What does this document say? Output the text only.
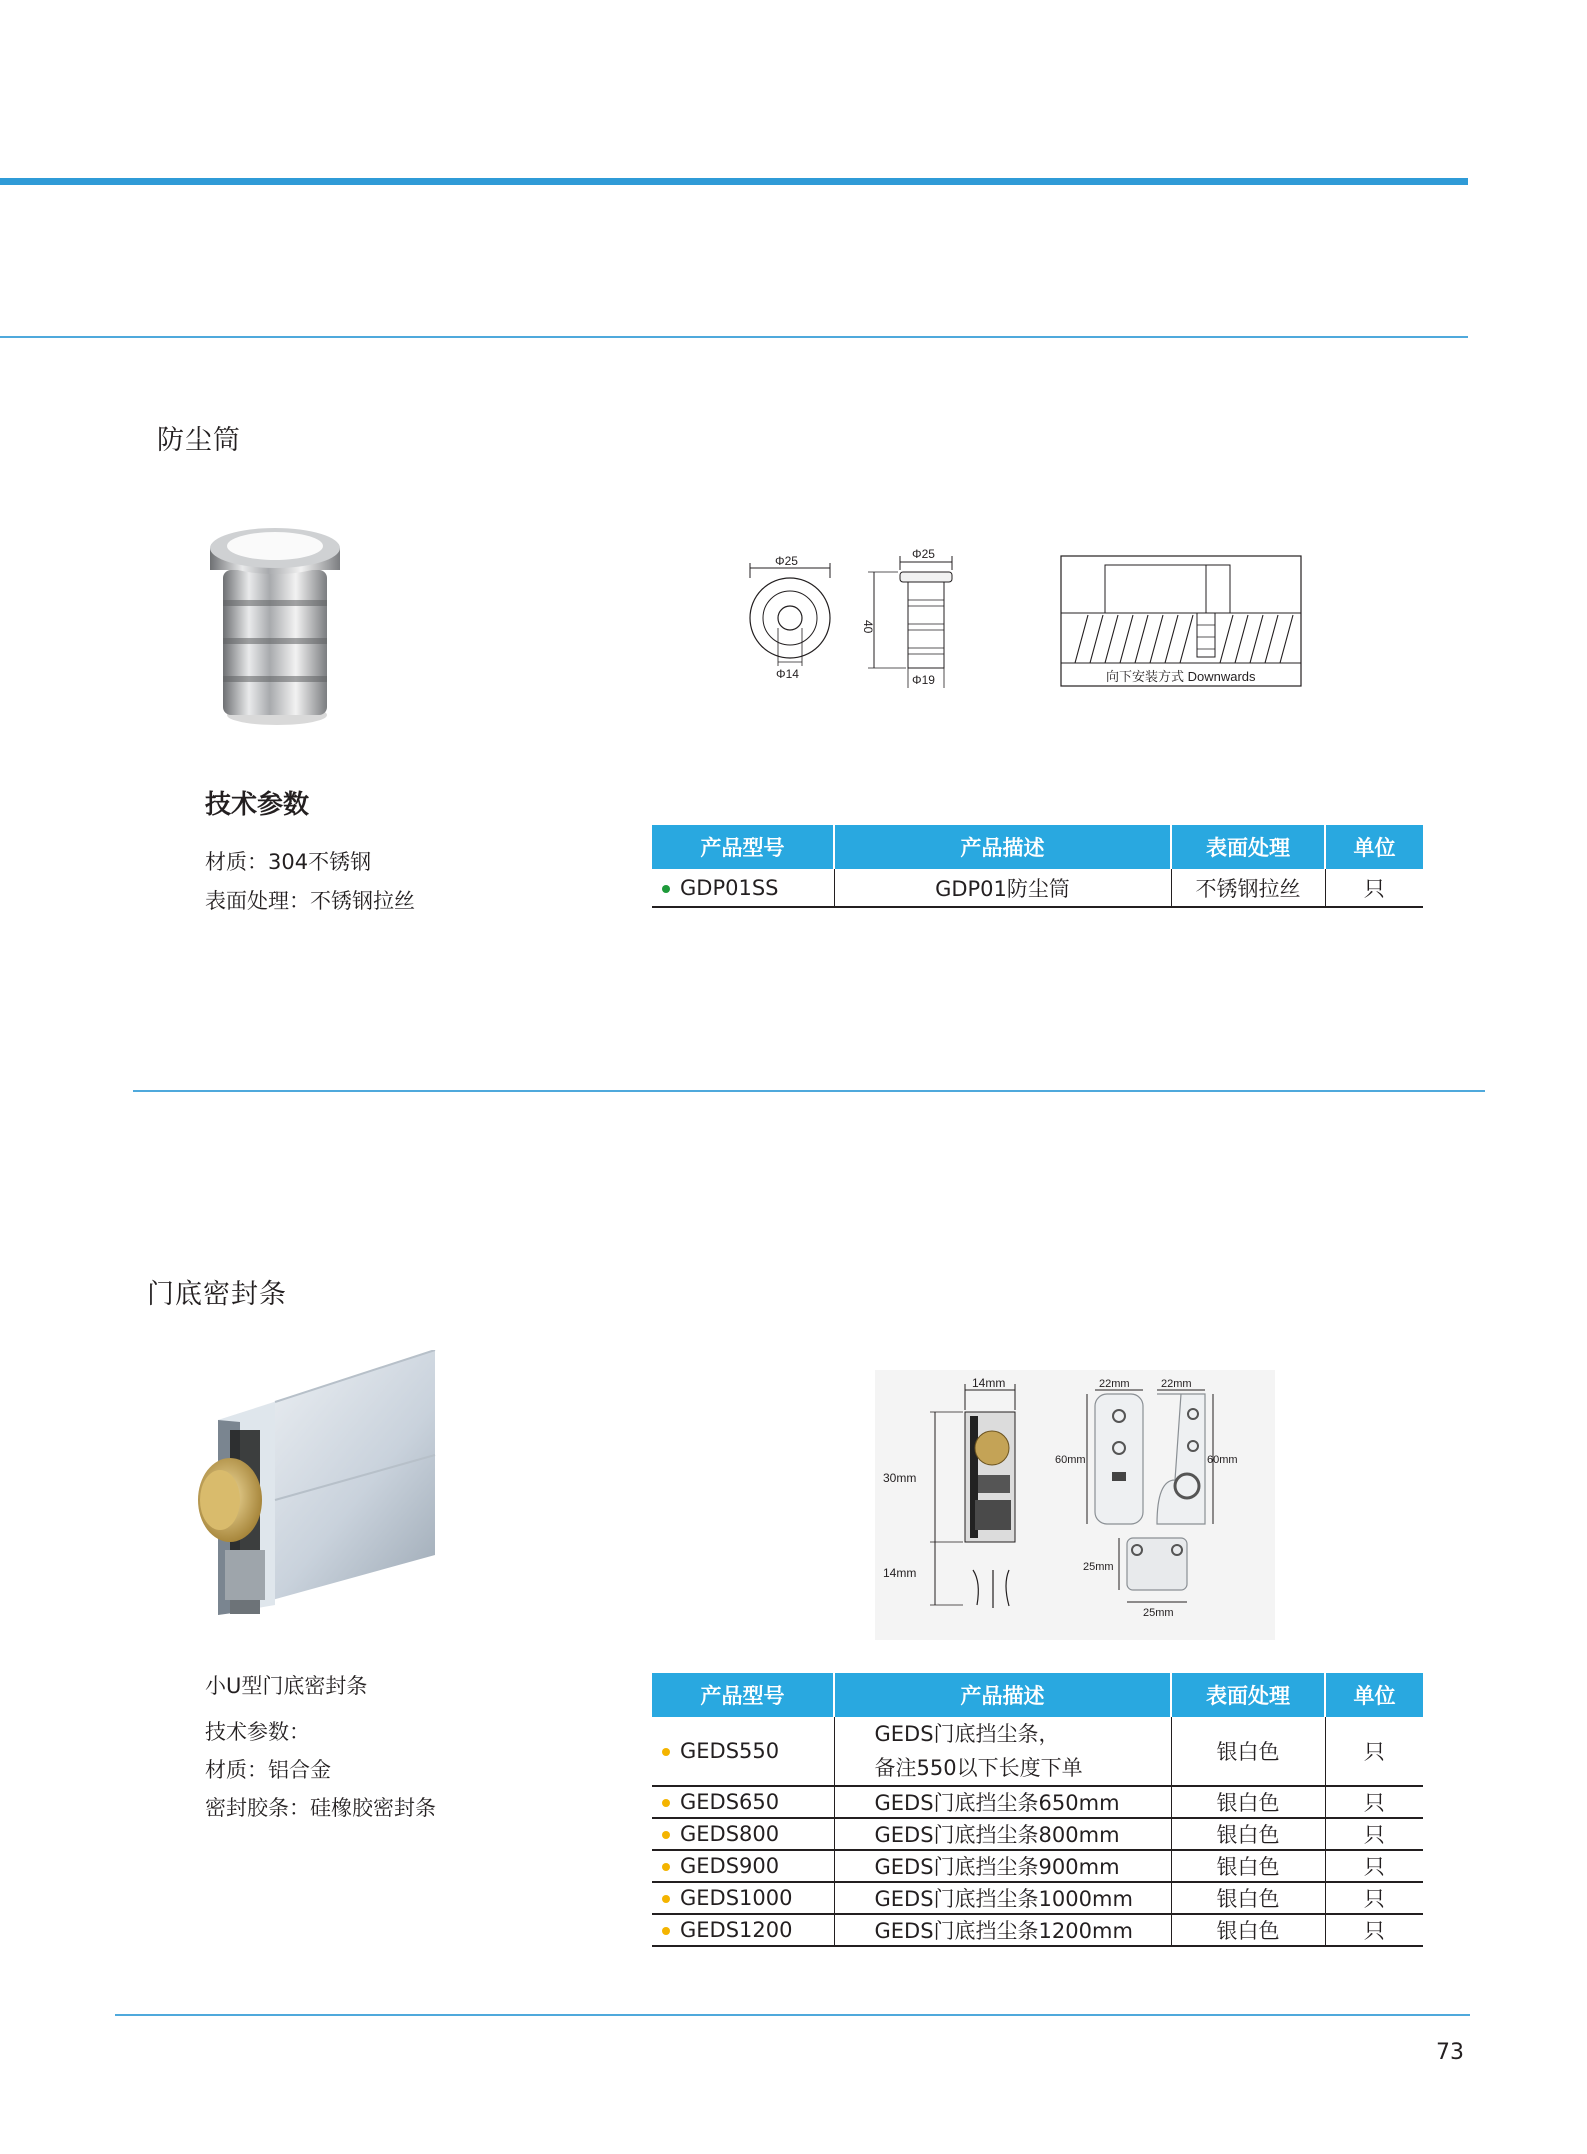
防尘筒
技术参数
材质：304不锈钢
表面处理：不锈钢拉丝
Φ25
Φ14
Φ25
40
Φ19	向下安装方式 Downwards
产品型号	产品描述	表面处理	单位
GDP01SS	GDP01防尘筒	不锈钢拉丝	只
门底密封条
小U型门底密封条
技术参数：
材质：铝合金
密封胶条：硅橡胶密封条
14mm
30mm
14mm
22mm
60mm
22mm
60mm
25mm
25mm
产品型号	产品描述	表面处理	单位
GEDS550	GEDS门底挡尘条，
备注550以下长度下单	银白色	只
GEDS650	GEDS门底挡尘条650mm	银白色	只
GEDS800	GEDS门底挡尘条800mm	银白色	只
GEDS900	GEDS门底挡尘条900mm	银白色	只
GEDS1000	GEDS门底挡尘条1000mm	银白色	只
GEDS1200	GEDS门底挡尘条1200mm	银白色	只
73
